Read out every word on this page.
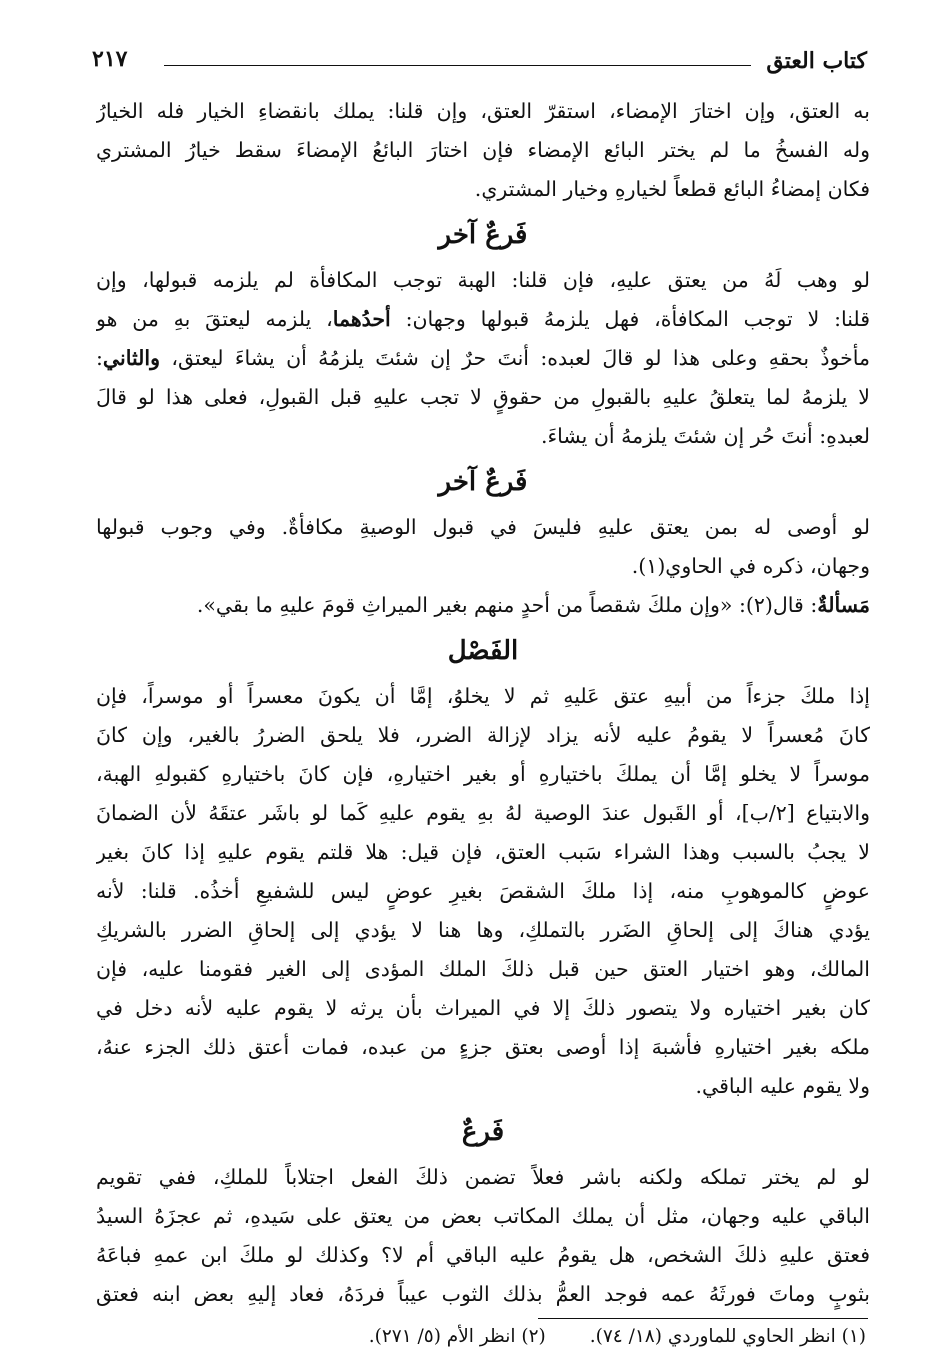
كتاب العتق
٢١٧

به العتق، وإن اختارَ الإمضاء، استقرّ العتق، وإن قلنا: يملك بانقضاءِ الخيار فله الخيارُ

وله الفسخُ ما لم يختر البائع الإمضاء فإن اختارَ البائعُ الإمضاءَ سقط خيارُ المشتري

فكان إمضاءُ البائع قطعاً لخيارهِ وخيار المشتري.

فَرعٌ آخر

لو وهب لَهُ من يعتق عليهِ، فإن قلنا: الهبة توجب المكافأة لم يلزمه قبولها، وإن

قلنا: لا توجب المكافأة، فهل يلزمهُ قبولها وجهان: أحدُهما، يلزمه ليعتقَ بهِ من هو

مأخوذٌ بحقهِ وعلى هذا لو قالَ لعبده: أنتَ حرٌ إن شئتَ يلزمُهُ أن يشاءَ ليعتق، والثاني:

لا يلزمهُ لما يتعلقُ عليهِ بالقبولِ من حقوقٍ لا تجب عليهِ قبل القبولِ، فعلى هذا لو قالَ

لعبدهِ: أنتَ حُر إن شئتَ يلزمهُ أن يشاءَ.

فَرعٌ آخر

لو أوصى له بمن يعتق عليهِ فليسَ في قبول الوصيةِ مكافأةٌ. وفي وجوب قبولها

وجهان، ذكره في الحاوي(١).

مَسألةٌ: قال(٢): «وإن ملكَ شقصاً من أحدٍ منهم بغير الميراثِ قومَ عليهِ ما بقي».

الفَصْل

إذا ملكَ جزءاً من أبيهِ عتق عَليهِ ثم لا يخلوُ، إمَّا أن يكونَ معسراً أو موسراً، فإن

كانَ مُعسراً لا يقومُ عليه لأنه يزاد لإزالة الضرر، فلا يلحق الضررُ بالغير، وإن كانَ

موسراً لا يخلو إمَّا أن يملكَ باختيارهِ أو بغير اختيارهِ، فإن كانَ باختيارهِ كقبولهِ الهبة،

والابتياع [٢/ب]، أو القَبول عندَ الوصية لهُ بهِ يقوم عليهِ كَما لو باشَر عتقَهُ لأن الضمانَ

لا يجبُ بالسبب وهذا الشراء سَبب العتق، فإن قيل: هلا قلتم يقوم عليهِ إذا كانَ بغير

عوضٍ كالموهوبِ منه، إذا ملكَ الشقصَ بغيرِ عوضٍ ليس للشفيعِ أخذُه. قلنا: لأنه

يؤدي هناكَ إلى إلحاقِ الضَرر بالتملكِ، وها هنا لا يؤدي إلى إلحاقِ الضرر بالشريكِ

المالك، وهو اختيار العتق حين قبل ذلكَ الملك المؤدى إلى الغير فقومنا عليه، فإن

كان بغير اختياره ولا يتصور ذلكَ إلا في الميراث بأن يرثه لا يقوم عليه لأنه دخل في

ملكه بغير اختيارهِ فأشبهَ إذا أوصى بعتق جزءٍ من عبده، فمات أعتق ذلك الجزء عنهُ،

ولا يقوم عليه الباقي.

فَرعٌ

لو لم يختر تملكه ولكنه باشر فعلاً تضمن ذلكَ الفعل اجتلاباً للملكِ، ففي تقويم

الباقي عليه وجهان، مثل أن يملك المكاتب بعض من يعتق على سَيدهِ، ثم عجزَهُ السيدُ

فعتق عليهِ ذلكَ الشخص، هل يقومُ عليه الباقي أم لا؟ وكذلك لو ملكَ ابن عمهِ فباعَهُ

بثوبٍ وماتَ فورثَهُ عمه فوجد العمُّ بذلك الثوب عيباً فردَهُ، فعاد إليهِ بعض ابنه فعتق

(١) انظر الحاوي للماوردي (١٨/ ٧٤).(٢) انظر الأم (٥/ ٢٧١).
